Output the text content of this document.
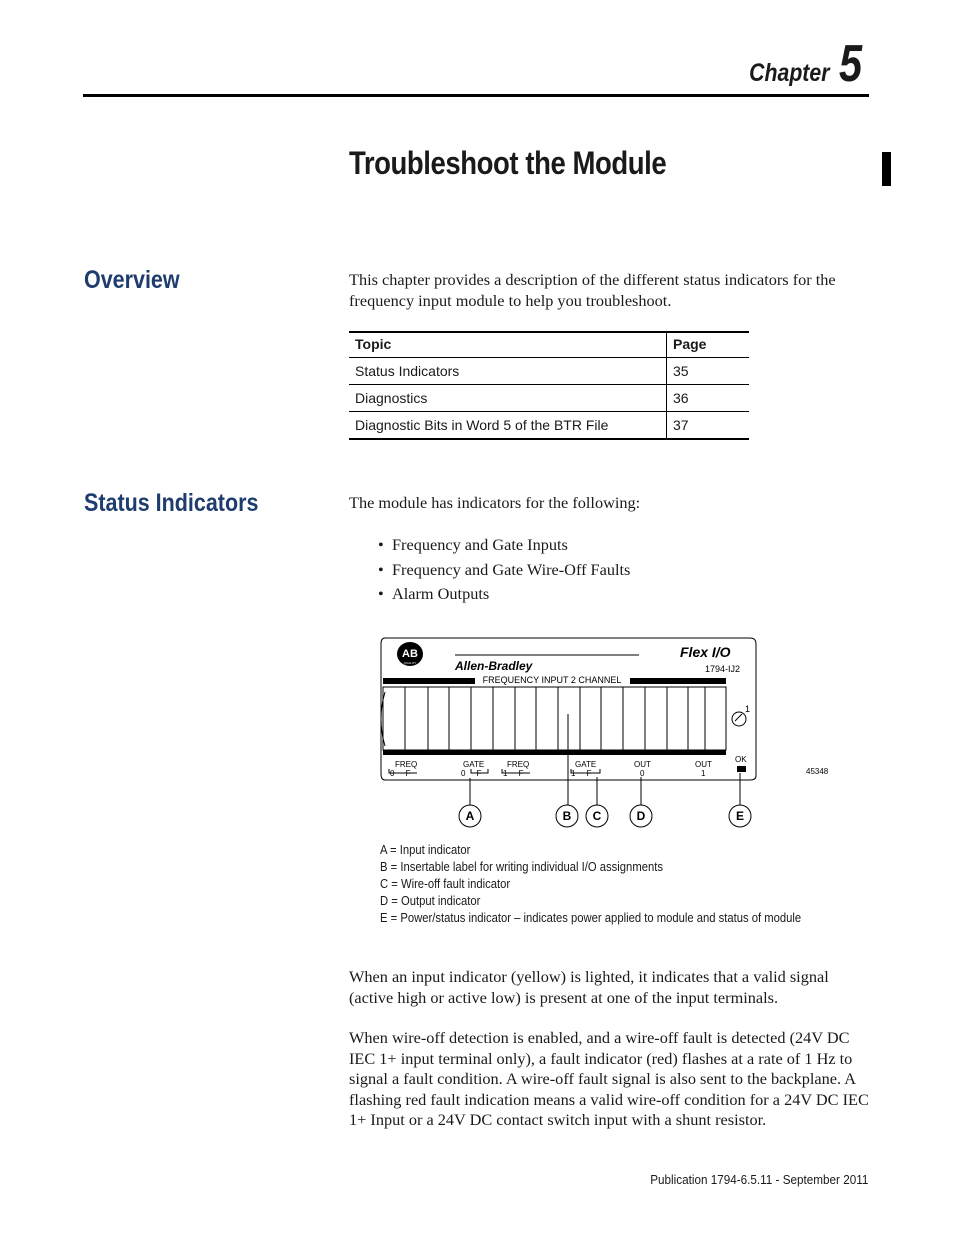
Chapter 5
Troubleshoot the Module
Overview	This chapter provides a description of the different status indicators for the frequency input module to help you troubleshoot.
Topic	Page
Status Indicators	35
Diagnostics	36
Diagnostic Bits in Word 5 of the BTR File	37
Status Indicators	The module has indicators for the following:
• Frequency and Gate Inputs
• Frequency and Gate Wire-Off Faults
• Alarm Outputs
AB
QUALITY	Allen-Bradley
Flex I/O
1794-IJ2
FREQUENCY INPUT 2 CHANNEL
1
FREQ
0     F
GATE
0     F
FREQ
1     F
GATE
1     F
OUT
0
OUT
1
OK
45348
A	B C	D	E
A = Input indicator
B = Insertable label for writing individual I/O assignments
C = Wire-off fault indicator
D = Output indicator
E = Power/status indicator – indicates power applied to module and status of module
When an input indicator (yellow) is lighted, it indicates that a valid signal (active high or active low) is present at one of the input terminals.
When wire-off detection is enabled, and a wire-off fault is detected (24V DC IEC 1+ input terminal only), a fault indicator (red) flashes at a rate of 1 Hz to signal a fault condition. A wire-off fault signal is also sent to the backplane. A flashing red fault indication means a valid wire-off condition for a 24V DC IEC 1+ Input or a 24V DC contact switch input with a shunt resistor.
Publication 1794-6.5.11 - September 2011
